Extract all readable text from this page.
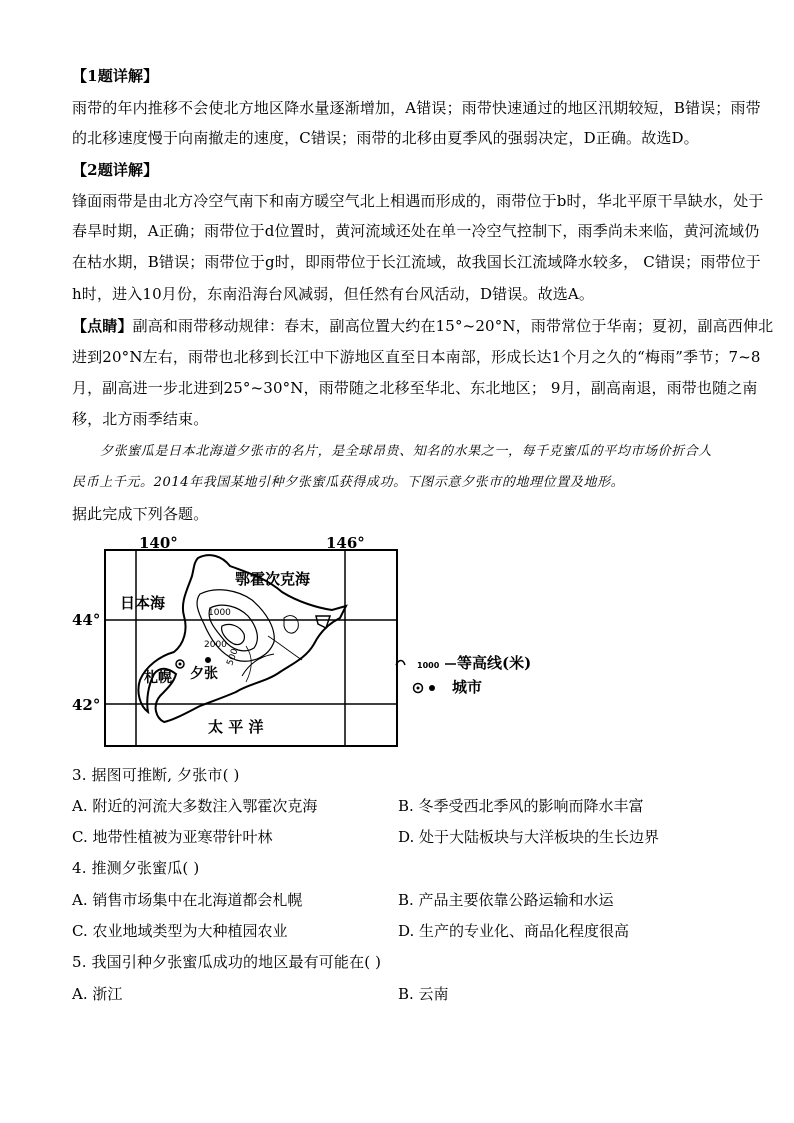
【1题详解】
雨带的年内推移不会使北方地区降水量逐渐增加，A错误；雨带快速通过的地区汛期较短，B错误；雨带
的北移速度慢于向南撤走的速度，C错误；雨带的北移由夏季风的强弱决定，D正确。故选D。
【2题详解】
锋面雨带是由北方冷空气南下和南方暖空气北上相遇而形成的，雨带位于b时，华北平原干旱缺水，处于
春旱时期，A正确；雨带位于d位置时，黄河流域还处在单一冷空气控制下，雨季尚未来临，黄河流域仍
在枯水期，B错误；雨带位于g时，即雨带位于长江流域，故我国长江流域降水较多， C错误；雨带位于
h时，进入10月份，东南沿海台风减弱，但任然有台风活动，D错误。故选A。
【点睛】副高和雨带移动规律：春末，副高位置大约在15°~20°N，雨带常位于华南；夏初，副高西伸北
进到20°N左右，雨带也北移到长江中下游地区直至日本南部，形成长达1个月之久的“梅雨”季节；7~8
月，副高进一步北进到25°~30°N，雨带随之北移至华北、东北地区； 9月，副高南退，雨带也随之南
移，北方雨季结束。
夕张蜜瓜是日本北海道夕张市的名片，是全球昂贵、知名的水果之一，每千克蜜瓜的平均市场价折合人
民币上千元。2014年我国某地引种夕张蜜瓜获得成功。下图示意夕张市的地理位置及地形。
据此完成下列各题。
140°	146°
44°
42°
鄂霍次克海
日本海
太 平 洋
札幌 夕张
1000
2000
500	1000 等高线(米)
城市
3. 据图可推断, 夕张市( )
A. 附近的河流大多数注入鄂霍次克海	B. 冬季受西北季风的影响而降水丰富
C. 地带性植被为亚寒带针叶林	D. 处于大陆板块与大洋板块的生长边界
4. 推测夕张蜜瓜( )
A. 销售市场集中在北海道都会札幌	B. 产品主要依靠公路运输和水运
C. 农业地域类型为大种植园农业	D. 生产的专业化、商品化程度很高
5. 我国引种夕张蜜瓜成功的地区最有可能在( )
A. 浙江	B. 云南
